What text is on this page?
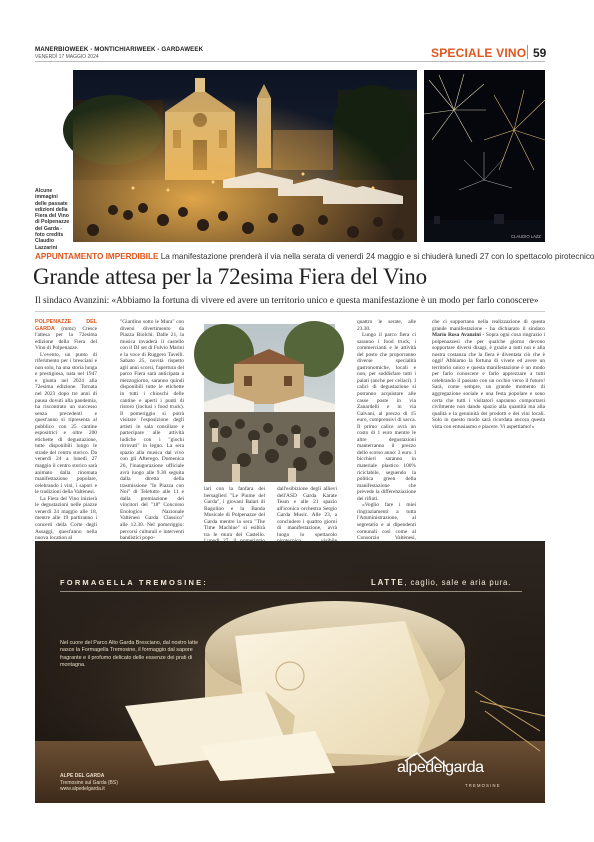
MANERBIOWEEK - MONTICHIARIWEEK - GARDAWEEK
VENERDÌ 17 MAGGIO 2024	SPECIALE VINO 59
CLAUDIO LAZZ
Alcune immagini delle passate edizioni della Fiera del Vino di Polpenazze del Garda - foto credits Claudio Lazzarini
APPUNTAMENTO IMPERDIBILE La manifestazione prenderà il via nella serata di venerdì 24 maggio e si chiuderà lunedì 27 con lo spettacolo pirotecnico
Grande attesa per la 72esima Fiera del Vino
Il sindaco Avanzini: «Abbiamo la fortuna di vivere ed avere un territorio unico e questa manifestazione è un modo per farlo conoscere»

POLPENAZZE DEL GARDA (mmz) Cresce l'attesa per la 72esima edizione della Fiera del Vino di Polpenazze.

L'evento, un punto di riferimento per i bresciani e non solo, ha una storia lunga e prestigiosa, nata nel 1947 e giunta nel 2024 alla 72esima edizione. Tornata nel 2023 dopo tre anni di pausa dovuti alla pandemia, ha riscontrato un successo senza precedenti e quest'anno si ripresenta al pubblico con 25 cantine espositrici e oltre 200 etichette di degustazione, tutte disponibili lungo le strade del centro storico. Da venerdì 24 a lunedì 27 maggio il centro storico sarà animato dalla rinomata manifestazione popolare, celebrando i vini, i sapori e le tradizioni della Valtènesi.

La Fiera del Vino inizierà le degustazioni nelle piazze venerdì 24 maggio alle 18, mentre alle 19 partiranno i concerti della Corte degli Assaggi, quest'anno nella nuova location al

"Giardino sotto le Mura" con diversi divertimento da Piazza Biolchi. Dalle 21, la musica invaderà il castello con il DJ set di Fulvio Marini e la voce di Ruggero Tavelli. Sabato 25, novità rispetto agli anni scorsi, l'apertura del parco Fiera sarà anticipata a mezzogiorno, saranno quindi disponibili tutte le etichette in tutti i chioschi delle cantine e aperti i punti di ristoro (inclusi i food truck). Il pomeriggio si potrà visitare l'esposizione degli artisti in sala consiliare e partecipare alle attività ludiche con i "giochi ritrovati" in legno. La sera spazio alla musica dal vivo con gli Afterego. Domenica 26, l'inaugurazione ufficiale avrà luogo alle 9.30 seguita dalla diretta della trasmissione "In Piazza con Noi" di Teletutto alle 11 e dalla premiazione dei vincitori del "18° Concorso Enologico Nazionale Valtènesi Garda Classico" alle 12.30. Nel pomeriggio: percorsi culturali e interventi bandistici popo-

lari con la fanfara dei bersaglieri "Le Piume del Garda", i giovani Balari di Bagolino e la Banda Musicale di Polpenazze del Garda mentre la sera "The Time Machine" si esibirà tra le mura del Castello.

dall'esibizione degli allievi dell'ASD Garda Karate Team e alle 21 spazio all'iconica orchestra Sergio Garda Music. Alle 23, a concludere i quattro giorni di manifestazione, avrà luogo lo spettacolo

quattro le serate, alle 23.30.

Lungo il parco fiera ci saranno i food truck, i commercianti e le attività del posto che proporranno diverse specialità gastronomiche, locali e non, per soddisfare tutti i palati (anche per celiaci). I calici di degustazione si potranno acquistare alle casse poste in via Zanardelli e in via Galvani, al prezzo di 15 euro, comprensivi di sacca. Il primo calice avrà un costo di 1 euro mentre le altre degustazioni manterranno il prezzo dello scorso anno: 3 euro. I bicchieri saranno in materiale plastico 100% riciclabile, seguendo la politica green della manifestazione che prevede la differenziazione dei rifiuti.

«Voglio fare i miei ringraziamenti a tutta l'Amministrazione, al segretario e ai dipendenti comunali così come al Consorzio Valtènesi,

che ci supportano nella realizzazione di questa grande manifestazione - ha dichiarato il sindaco Mario Rosa Avanzini - Sopra ogni cosa ringrazio i polpenazzesi che per qualche giorno devono sopportare diversi disagi, è grazie a tutti noi e alla nostra costanza che la fiera è diventata ciò che è oggi! Abbiamo la fortuna di vivere ed avere un territorio unico e questa manifestazione è un modo per farlo conoscere e farlo apprezzare a tutti celebrando il passato con un occhio verso il futuro! Sarà, come sempre, un grande momento di aggregazione sociale e una festa popolare e sono certa che tutti i visitatori sapranno comportarsi civilmente non dando spazio alla quantità ma alla qualità e la genuinità dei prodotti e dei vini locali. Solo in questo modo sarà ricordata ancora questa vista con entusiasmo e piacere. Vi aspettiamo!»

FORMAGELLA TREMOSINE:	LATTE, caglio, sale e aria pura.
Nel cuore del Parco Alto Garda Bresciano, dal nostro latte nasce la Formagella Tremosine, il formaggio dal sapore fragrante e il profumo delicato delle essenze dei prati di montagna.
ALPE DEL GARDA
Tremosine sul Garda (BS)
www.alpedelgarda.it
alpedelgarda
TREMOSINE
